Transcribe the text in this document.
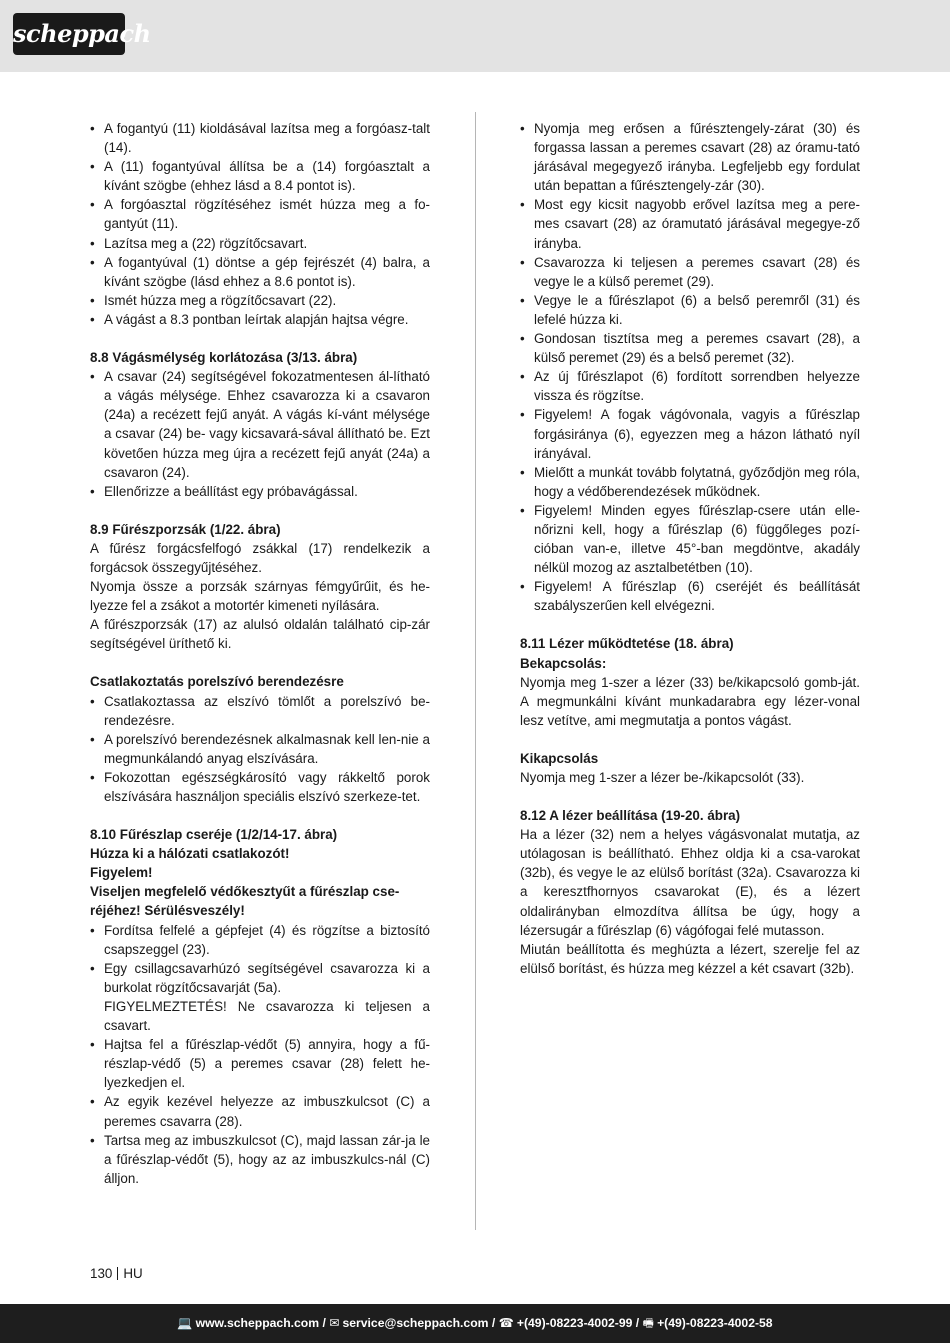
scheppach
• A fogantyú (11) kioldásával lazítsa meg a forgóasz-talt (14).
• A (11) fogantyúval állítsa be a (14) forgóasztalt a kívánt szögbe (ehhez lásd a 8.4 pontot is).
• A forgóasztal rögzítéséhez ismét húzza meg a fo-gantyút (11).
• Lazítsa meg a (22) rögzítőcsavart.
• A fogantyúval (1) döntse a gép fejrészét (4) balra, a kívánt szögbe (lásd ehhez a 8.6 pontot is).
• Ismét húzza meg a rögzítőcsavart (22).
• A vágást a 8.3 pontban leírtak alapján hajtsa végre.
8.8 Vágásmélység korlátozása (3/13. ábra)
• A csavar (24) segítségével fokozatmentesen ál-lítható a vágás mélysége. Ehhez csavarozza ki a csavaron (24a) a recézett fejű anyát. A vágás kí-vánt mélysége a csavar (24) be- vagy kicsavará-sával állítható be. Ezt követően húzza meg újra a recézett fejű anyát (24a) a csavaron (24).
• Ellenőrizze a beállítást egy próbavágással.
8.9 Fűrészporzsák (1/22. ábra)

A fűrész forgácsfelfogó zsákkal (17) rendelkezik a forgácsok összegyűjtéséhez.

Nyomja össze a porzsák szárnyas fémgyűrűit, és he-lyezze fel a zsákot a motortér kimeneti nyílására.

A fűrészporzsák (17) az alulsó oldalán található cip-zár segítségével üríthető ki.

Csatlakoztatás porelszívó berendezésre
• Csatlakoztassa az elszívó tömlőt a porelszívó be-rendezésre.
• A porelszívó berendezésnek alkalmasnak kell len-nie a megmunkálandó anyag elszívására.
• Fokozottan egészségkárosító vagy rákkeltő porok elszívására használjon speciális elszívó szerkeze-tet.
8.10 Fűrészlap cseréje (1/2/14-17. ábra)
Húzza ki a hálózati csatlakozót!
Figyelem!
Viseljen megfelelő védőkesztyűt a fűrészlap cse-réjéhez! Sérülésveszély!
• Fordítsa felfelé a gépfejet (4) és rögzítse a biztosító csapszeggel (23).
• Egy csillagcsavarhúzó segítségével csavarozza ki a burkolat rögzítőcsavarját (5a).
FIGYELMEZTETÉS! Ne csavarozza ki teljesen a csavart.
• Hajtsa fel a fűrészlap-védőt (5) annyira, hogy a fű-részlap-védő (5) a peremes csavar (28) felett he-lyezkedjen el.
• Az egyik kezével helyezze az imbuszkulcsot (C) a peremes csavarra (28).
• Tartsa meg az imbuszkulcsot (C), majd lassan zár-ja le a fűrészlap-védőt (5), hogy az az imbuszkulcs-nál (C) álljon.
• Nyomja meg erősen a fűrésztengely-zárat (30) és forgassa lassan a peremes csavart (28) az óramu-tató járásával megegyező irányba. Legfeljebb egy fordulat után bepattan a fűrésztengely-zár (30).
• Most egy kicsit nagyobb erővel lazítsa meg a pere-mes csavart (28) az óramutató járásával megegye-ző irányba.
• Csavarozza ki teljesen a peremes csavart (28) és vegye le a külső peremet (29).
• Vegye le a fűrészlapot (6) a belső peremről (31) és lefelé húzza ki.
• Gondosan tisztítsa meg a peremes csavart (28), a külső peremet (29) és a belső peremet (32).
• Az új fűrészlapot (6) fordított sorrendben helyezze vissza és rögzítse.
• Figyelem! A fogak vágóvonala, vagyis a fűrészlap forgásiránya (6), egyezzen meg a házon látható nyíl irányával.
• Mielőtt a munkát tovább folytatná, győződjön meg róla, hogy a védőberendezések működnek.
• Figyelem! Minden egyes fűrészlap-csere után elle-nőrizni kell, hogy a fűrészlap (6) függőleges pozí-cióban van-e, illetve 45°-ban megdöntve, akadály nélkül mozog az asztalbetétben (10).
• Figyelem! A fűrészlap (6) cseréjét és beállítását szabályszerűen kell elvégezni.
8.11 Lézer működtetése (18. ábra)
Bekapcsolás:

Nyomja meg 1-szer a lézer (33) be/kikapcsoló gomb-ját. A megmunkálni kívánt munkadarabra egy lézer-vonal lesz vetítve, ami megmutatja a pontos vágást.

Kikapcsolás

Nyomja meg 1-szer a lézer be-/kikapcsolót (33).

8.12 A lézer beállítása (19-20. ábra)

Ha a lézer (32) nem a helyes vágásvonalat mutatja, az utólagosan is beállítható. Ehhez oldja ki a csa-varokat (32b), és vegye le az elülső borítást (32a). Csavarozza ki a keresztfhornyos csavarokat (E), és a lézert oldalirányban elmozdítva állítsa be úgy, hogy a lézersugár a fűrészlap (6) vágófogai felé mutasson.

Miután beállította és meghúzta a lézert, szerelje fel az elülső borítást, és húzza meg kézzel a két csavart (32b).

130 HU
💻 www.scheppach.com / ✉ service@scheppach.com / ☎ +(49)-08223-4002-99 / 🖷 +(49)-08223-4002-58
